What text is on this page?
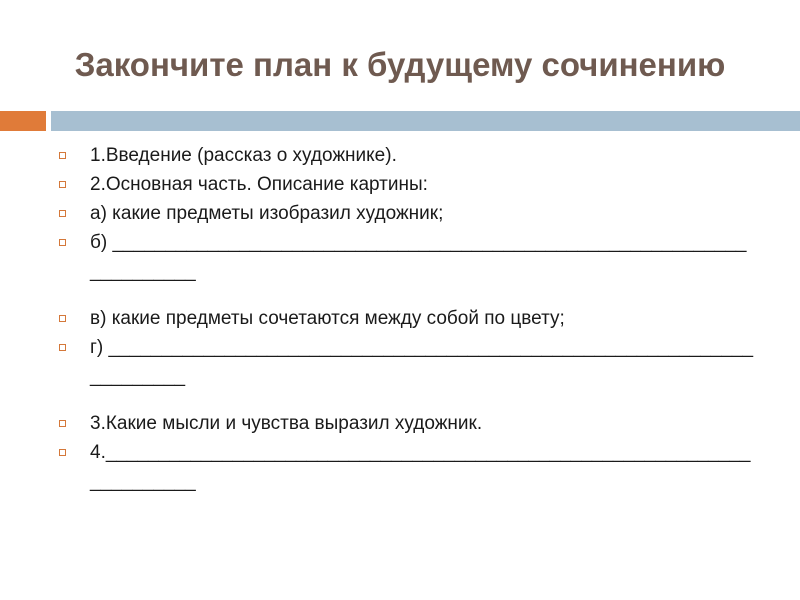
Закончите план к будущему сочинению
1.Введение (рассказ о художнике).
2.Основная часть. Описание картины:
а) какие предметы изобразил художник;
б) ______________________________________________________________________
в) какие предметы сочетаются между собой по цвету;
г) ______________________________________________________________________
3.Какие мысли и чувства выразил художник.
4._______________________________________________________________________
